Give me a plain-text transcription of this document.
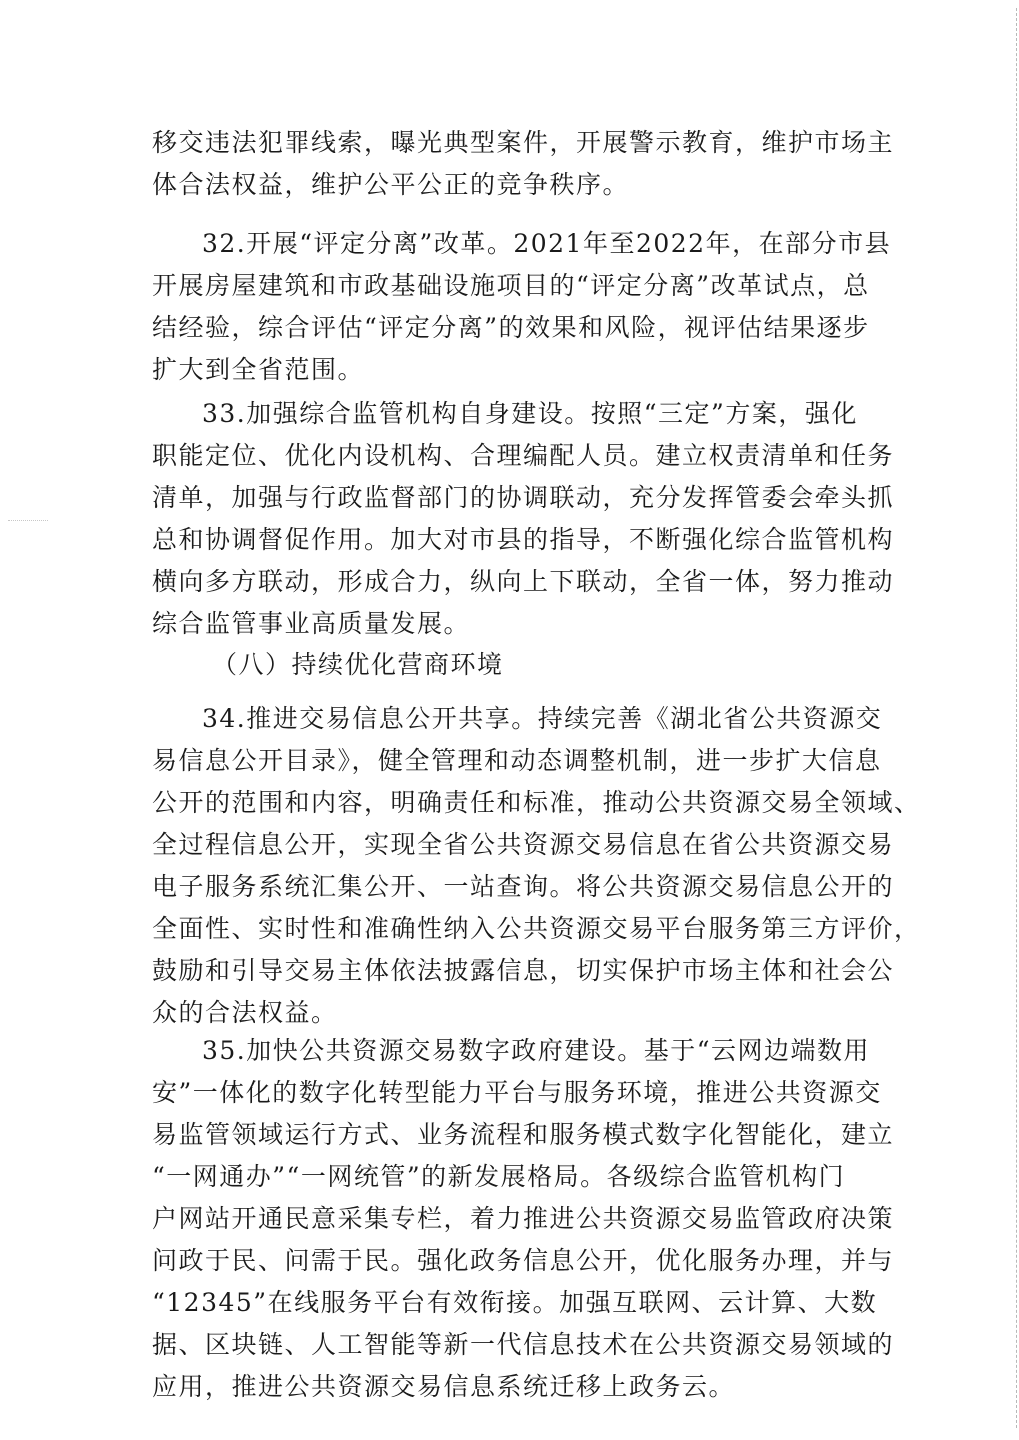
移交违法犯罪线索，曝光典型案件，开展警示教育，维护市场主
体合法权益，维护公平公正的竞争秩序。
32.开展“评定分离”改革。2021年至2022年，在部分市县
开展房屋建筑和市政基础设施项目的“评定分离”改革试点，总
结经验，综合评估“评定分离”的效果和风险，视评估结果逐步
扩大到全省范围。
33.加强综合监管机构自身建设。按照“三定”方案，强化
职能定位、优化内设机构、合理编配人员。建立权责清单和任务
清单，加强与行政监督部门的协调联动，充分发挥管委会牵头抓
总和协调督促作用。加大对市县的指导，不断强化综合监管机构
横向多方联动，形成合力，纵向上下联动，全省一体，努力推动
综合监管事业高质量发展。
（八）持续优化营商环境
34.推进交易信息公开共享。持续完善《湖北省公共资源交
易信息公开目录》，健全管理和动态调整机制，进一步扩大信息
公开的范围和内容，明确责任和标准，推动公共资源交易全领域、
全过程信息公开，实现全省公共资源交易信息在省公共资源交易
电子服务系统汇集公开、一站查询。将公共资源交易信息公开的
全面性、实时性和准确性纳入公共资源交易平台服务第三方评价，
鼓励和引导交易主体依法披露信息，切实保护市场主体和社会公
众的合法权益。
35.加快公共资源交易数字政府建设。基于“云网边端数用
安”一体化的数字化转型能力平台与服务环境，推进公共资源交
易监管领域运行方式、业务流程和服务模式数字化智能化，建立
“一网通办”“一网统管”的新发展格局。各级综合监管机构门
户网站开通民意采集专栏，着力推进公共资源交易监管政府决策
问政于民、问需于民。强化政务信息公开，优化服务办理，并与
“12345”在线服务平台有效衔接。加强互联网、云计算、大数
据、区块链、人工智能等新一代信息技术在公共资源交易领域的
应用，推进公共资源交易信息系统迁移上政务云。
